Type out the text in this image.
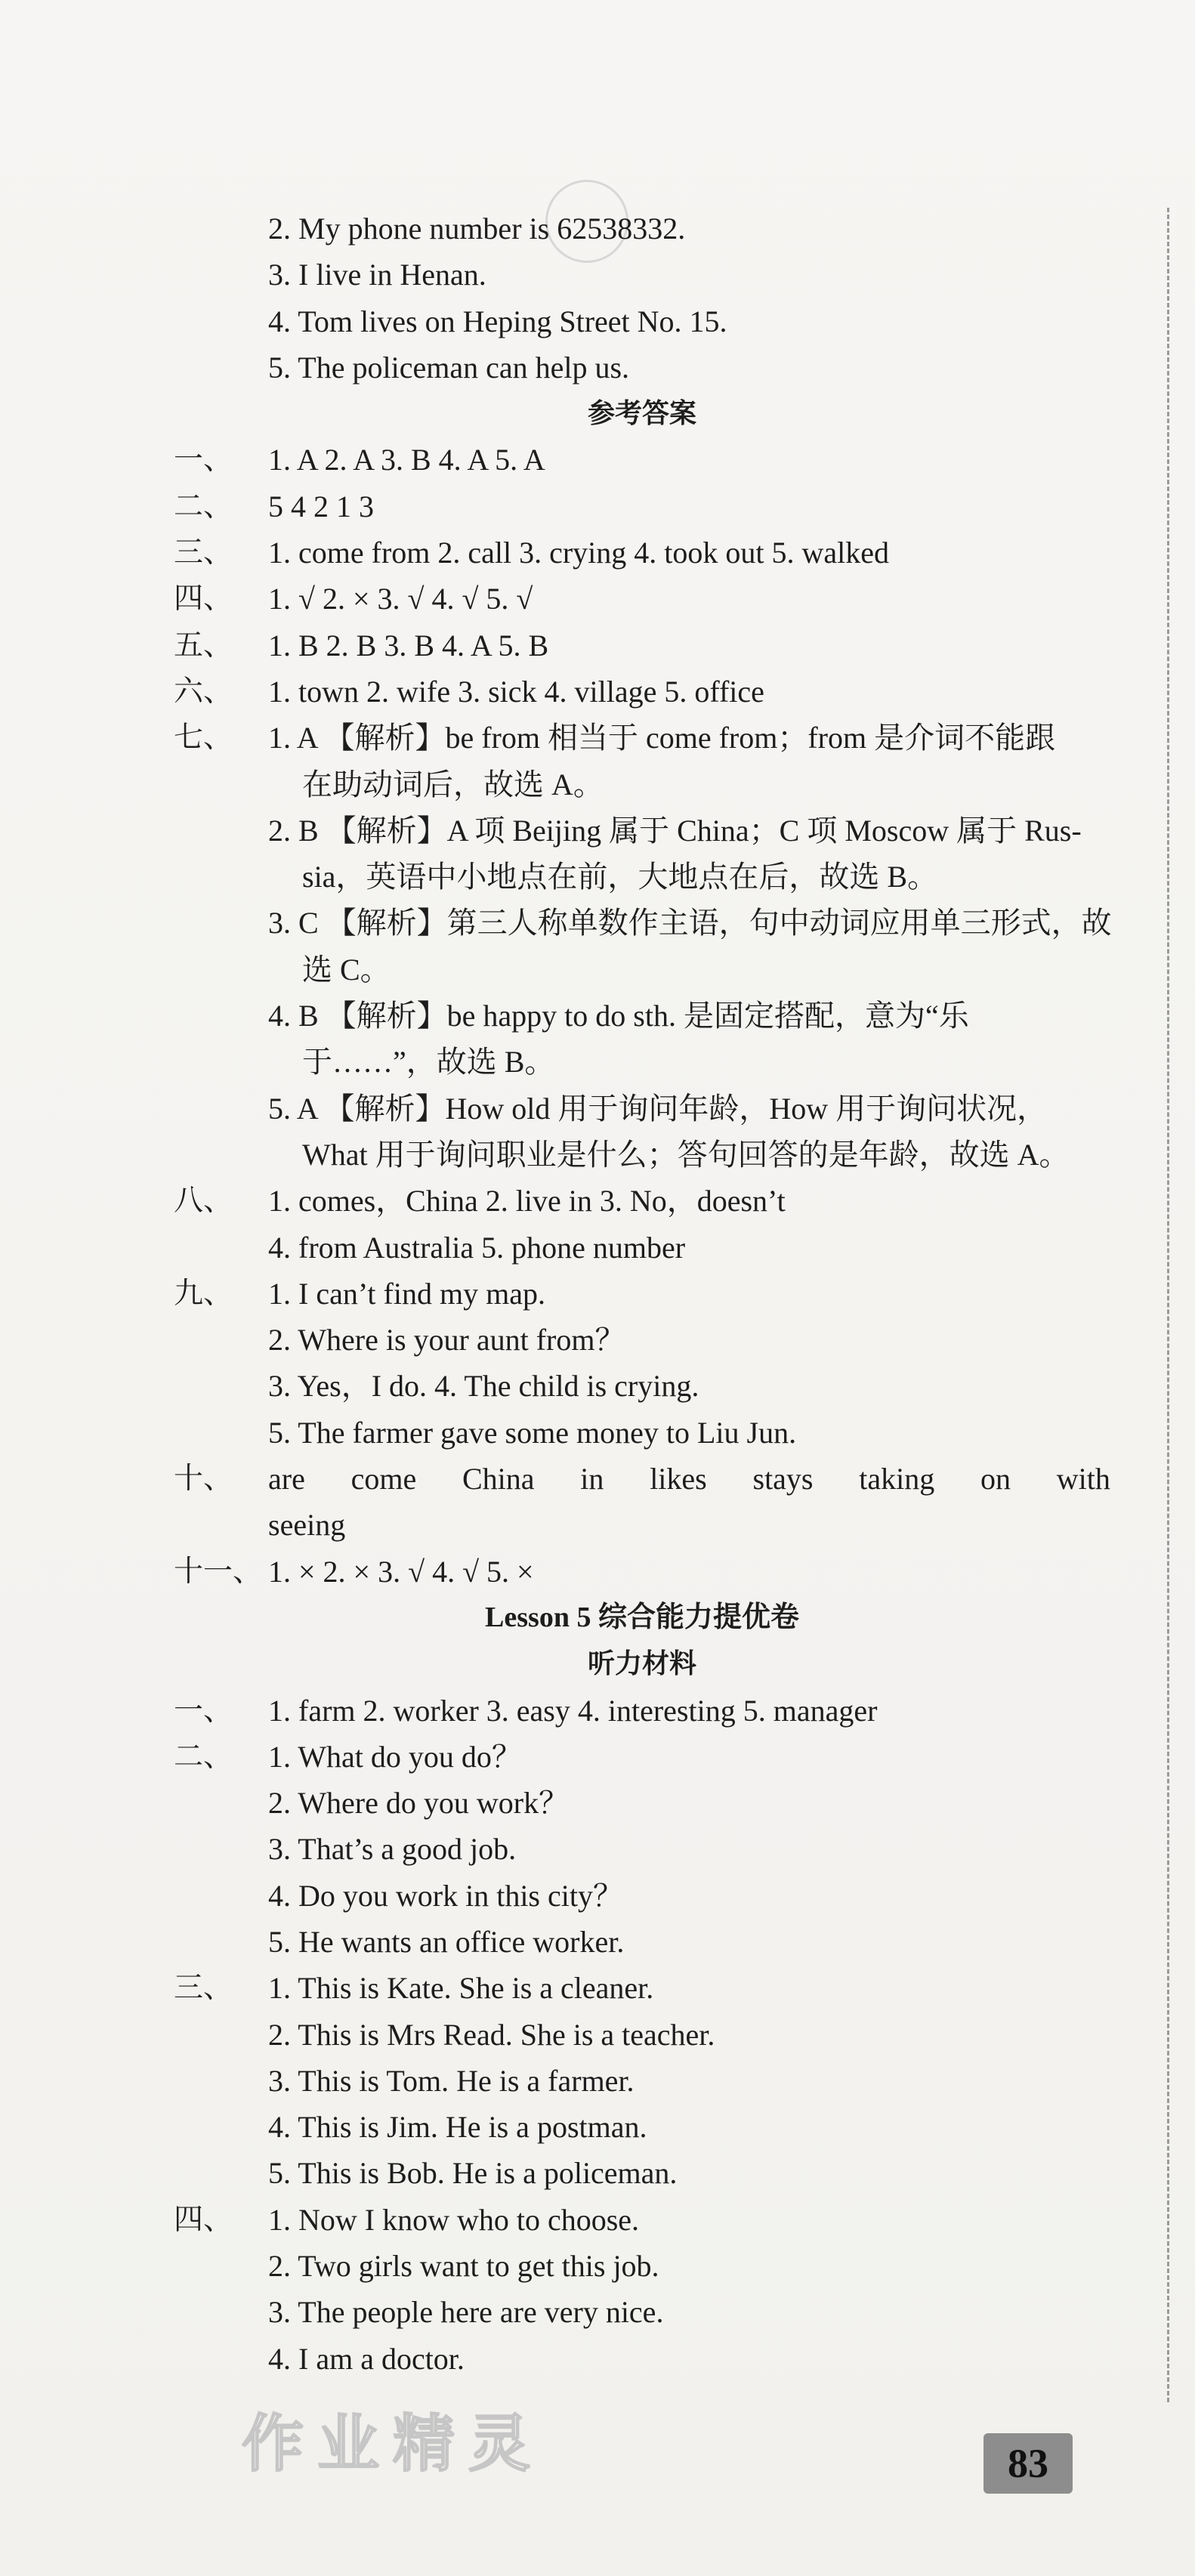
2. My phone number is 62538332.
3. I live in Henan.
4. Tom lives on Heping Street No. 15.
5. The policeman can help us.
参考答案
一、 1. A 2. A 3. B 4. A 5. A
二、 5 4 2 1 3
三、 1. come from 2. call 3. crying 4. took out 5. walked
四、 1. √ 2. × 3. √ 4. √ 5. √
五、 1. B 2. B 3. B 4. A 5. B
六、 1. town 2. wife 3. sick 4. village 5. office
七、 1. A 【解析】be from 相当于 come from；from 是介词不能跟
在助动词后，故选 A。
2. B 【解析】A 项 Beijing 属于 China；C 项 Moscow 属于 Rus-
sia，英语中小地点在前，大地点在后，故选 B。
3. C 【解析】第三人称单数作主语，句中动词应用单三形式，故
选 C。
4. B 【解析】be happy to do sth. 是固定搭配，意为“乐
于……”，故选 B。
5. A 【解析】How old 用于询问年龄，How 用于询问状况，
What 用于询问职业是什么；答句回答的是年龄，故选 A。
八、 1. comes，China 2. live in 3. No，doesn’t
4. from Australia 5. phone number
九、 1. I can’t find my map.
2. Where is your aunt from？
3. Yes，I do. 4. The child is crying.
5. The farmer gave some money to Liu Jun.
十、 are come China in likes stays taking on with
seeing
十一、 1. × 2. × 3. √ 4. √ 5. ×
Lesson 5 综合能力提优卷
听力材料
一、 1. farm 2. worker 3. easy 4. interesting 5. manager
二、 1. What do you do？
2. Where do you work？
3. That’s a good job.
4. Do you work in this city？
5. He wants an office worker.
三、 1. This is Kate. She is a cleaner.
2. This is Mrs Read. She is a teacher.
3. This is Tom. He is a farmer.
4. This is Jim. He is a postman.
5. This is Bob. He is a policeman.
四、 1. Now I know who to choose.
2. Two girls want to get this job.
3. The people here are very nice.
4. I am a doctor.
作业精灵	83
